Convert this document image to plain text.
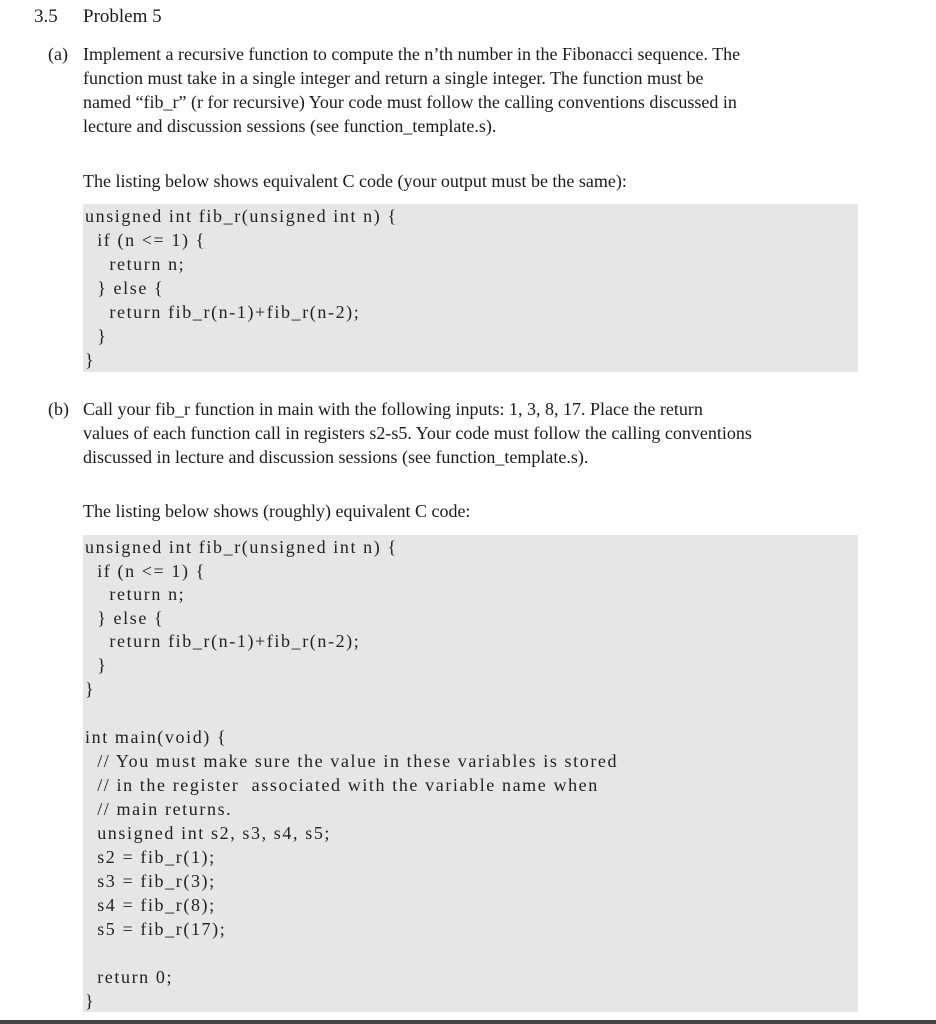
3.5 Problem 5
(a) Implement a recursive function to compute the n’th number in the Fibonacci sequence. The
function must take in a single integer and return a single integer. The function must be
named “fib_r” (r for recursive) Your code must follow the calling conventions discussed in
lecture and discussion sessions (see function_template.s).
The listing below shows equivalent C code (your output must be the same):
unsigned int fib_r(unsigned int n) {
if (n <= 1) {
return n;
} else {
return fib_r(n-1)+fib_r(n-2);
}
}
(b) Call your fib_r function in main with the following inputs: 1, 3, 8, 17. Place the return
values of each function call in registers s2-s5. Your code must follow the calling conventions
discussed in lecture and discussion sessions (see function_template.s).
The listing below shows (roughly) equivalent C code:
unsigned int fib_r(unsigned int n) {
if (n <= 1) {
return n;
} else {
return fib_r(n-1)+fib_r(n-2);
}
}
int main(void) {
// You must make sure the value in these variables is stored
// in the register  associated with the variable name when
// main returns.
unsigned int s2, s3, s4, s5;
s2 = fib_r(1);
s3 = fib_r(3);
s4 = fib_r(8);
s5 = fib_r(17);
return 0;
}
